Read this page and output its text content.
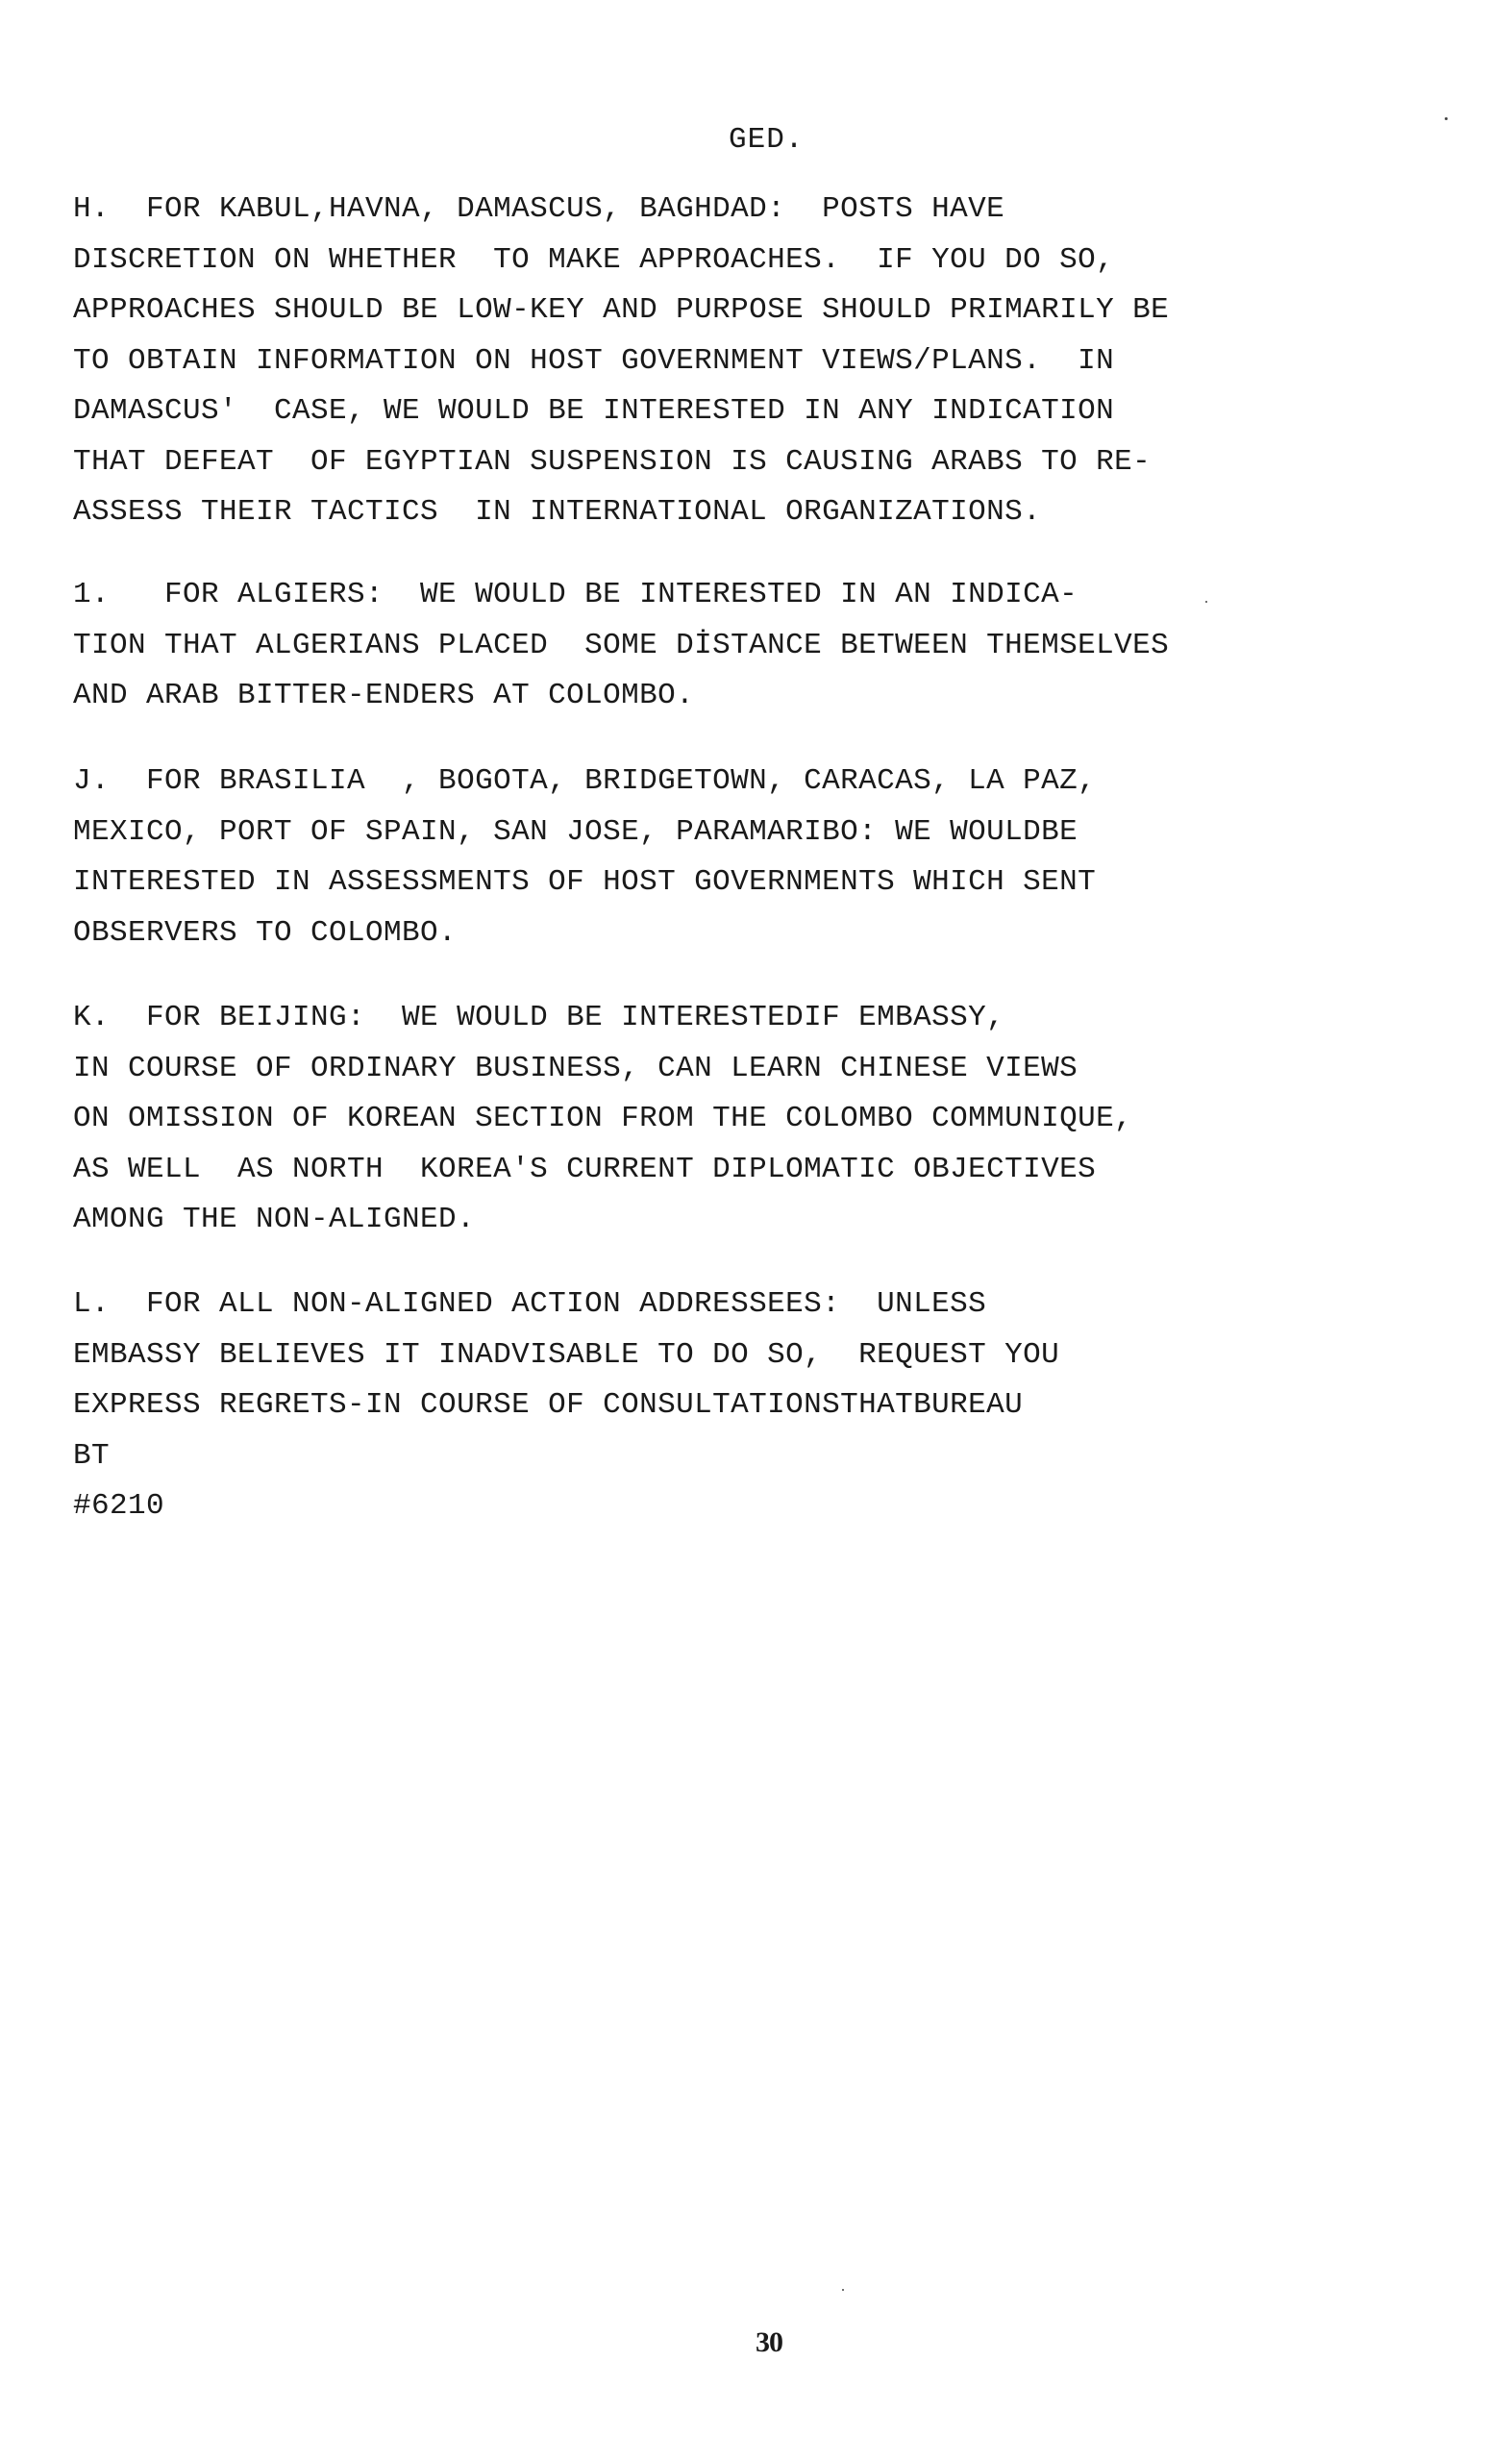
GED.
H.  FOR KABUL,HAVNA, DAMASCUS, BAGHDAD:  POSTS HAVE
DISCRETION ON WHETHER  TO MAKE APPROACHES.  IF YOU DO SO,
APPROACHES SHOULD BE LOW-KEY AND PURPOSE SHOULD PRIMARILY BE
TO OBTAIN INFORMATION ON HOST GOVERNMENT VIEWS/PLANS.  IN
DAMASCUS'  CASE, WE WOULD BE INTERESTED IN ANY INDICATION
THAT DEFEAT  OF EGYPTIAN SUSPENSION IS CAUSING ARABS TO RE-
ASSESS THEIR TACTICS  IN INTERNATIONAL ORGANIZATIONS.
1.   FOR ALGIERS:  WE WOULD BE INTERESTED IN AN INDICA-
TION THAT ALGERIANS PLACED  SOME DİSTANCE BETWEEN THEMSELVES
AND ARAB BITTER-ENDERS AT COLOMBO.
J.  FOR BRASILIA  , BOGOTA, BRIDGETOWN, CARACAS, LA PAZ,
MEXICO, PORT OF SPAIN, SAN JOSE, PARAMARIBO: WE WOULDBE
INTERESTED IN ASSESSMENTS OF HOST GOVERNMENTS WHICH SENT
OBSERVERS TO COLOMBO.
K.  FOR BEIJING:  WE WOULD BE INTERESTEDIF EMBASSY,
IN COURSE OF ORDINARY BUSINESS, CAN LEARN CHINESE VIEWS
ON OMISSION OF KOREAN SECTION FROM THE COLOMBO COMMUNIQUE,
AS WELL  AS NORTH  KOREA'S CURRENT DIPLOMATIC OBJECTIVES
AMONG THE NON-ALIGNED.
L.  FOR ALL NON-ALIGNED ACTION ADDRESSEES:  UNLESS
EMBASSY BELIEVES IT INADVISABLE TO DO SO,  REQUEST YOU
EXPRESS REGRETS-IN COURSE OF CONSULTATIONSTHATBUREAU
BT
#6210
30
